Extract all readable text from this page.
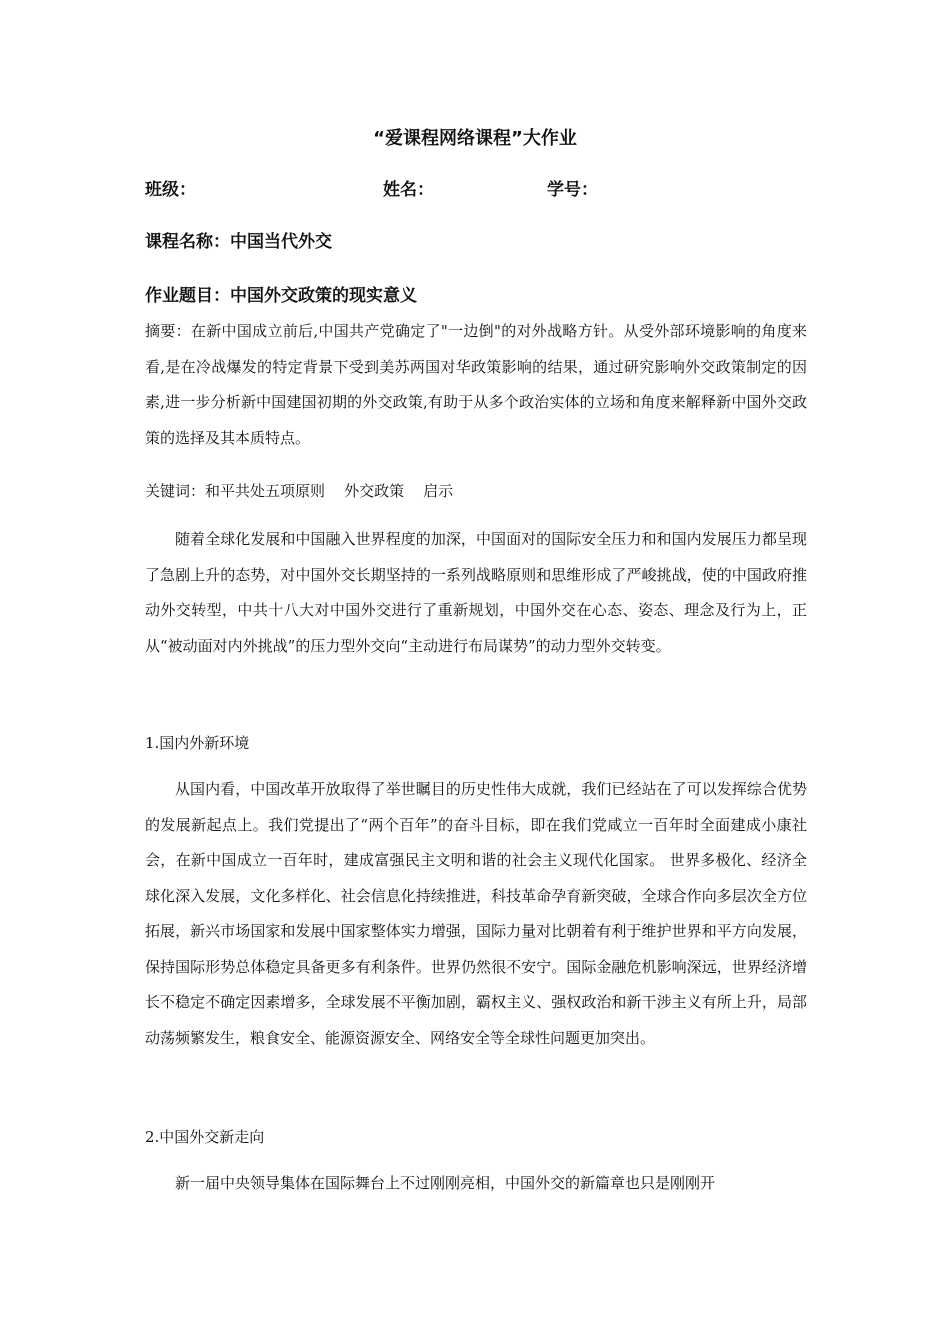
“爱课程网络课程”大作业
班级：	姓名：	学号：
课程名称：中国当代外交
作业题目：中国外交政策的现实意义

摘要：在新中国成立前后,中国共产党确定了"一边倒"的对外战略方针。从受外部环境影响的角度来看,是在冷战爆发的特定背景下受到美苏两国对华政策影响的结果，通过研究影响外交政策制定的因素,进一步分析新中国建国初期的外交政策,有助于从多个政治实体的立场和角度来解释新中国外交政策的选择及其本质特点。

关键词：和平共处五项原则    外交政策    启示

随着全球化发展和中国融入世界程度的加深，中国面对的国际安全压力和和国内发展压力都呈现了急剧上升的态势，对中国外交长期坚持的一系列战略原则和思维形成了严峻挑战，使的中国政府推动外交转型，中共十八大对中国外交进行了重新规划，中国外交在心态、姿态、理念及行为上，正从“被动面对内外挑战”的压力型外交向“主动进行布局谋势”的动力型外交转变。

1.国内外新环境

从国内看，中国改革开放取得了举世瞩目的历史性伟大成就，我们已经站在了可以发挥综合优势的发展新起点上。我们党提出了“两个百年”的奋斗目标，即在我们党咸立一百年时全面建成小康社会，在新中国成立一百年时，建成富强民主文明和谐的社会主义现代化国家。 世界多极化、经济全球化深入发展，文化多样化、社会信息化持续推进，科技革命孕育新突破，全球合作向多层次全方位拓展，新兴市场国家和发展中国家整体实力增强，国际力量对比朝着有利于维护世界和平方向发展，保持国际形势总体稳定具备更多有利条件。世界仍然很不安宁。国际金融危机影响深远，世界经济增长不稳定不确定因素增多，全球发展不平衡加剧，霸权主义、强权政治和新干涉主义有所上升，局部动荡频繁发生，粮食安全、能源资源安全、网络安全等全球性问题更加突出。

2.中国外交新走向

新一届中央领导集体在国际舞台上不过刚刚亮相，中国外交的新篇章也只是刚刚开
